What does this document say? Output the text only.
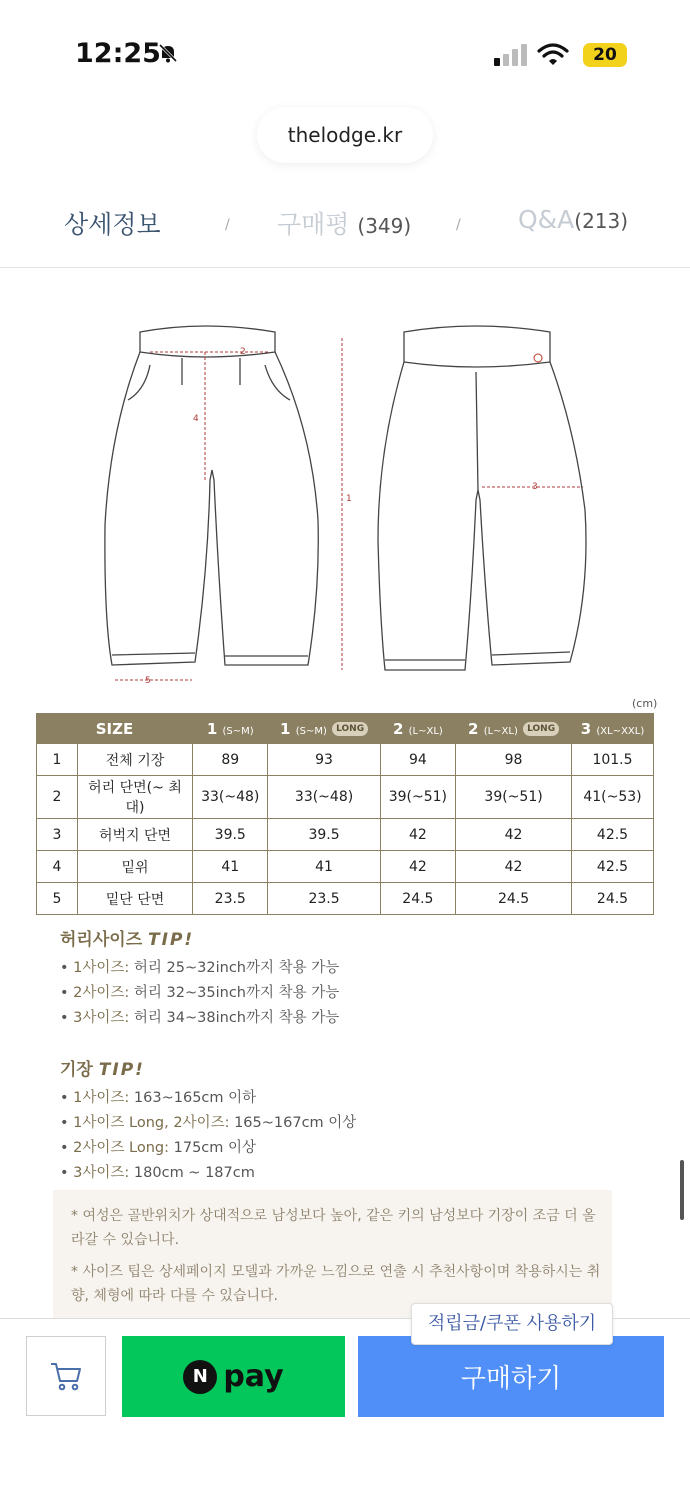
12:25	20
thelodge.kr
상세정보	/ 구매평 (349)	/ Q&A(213)
2
4
1
3
5
(cm)
SIZE		1 (S~M)	1 (S~M) LONG	2 (L~XL)	2 (L~XL) LONG	3 (XL~XXL)
1	전체 기장	89	93	94	98	101.5
2	허리 단면(~ 최대)	33(~48)	33(~48)	39(~51)	39(~51)	41(~53)
3	허벅지 단면	39.5	39.5	42	42	42.5
4	밑위	41	41	42	42	42.5
5	밑단 단면	23.5	23.5	24.5	24.5	24.5
허리사이즈 TIP!
• 1사이즈: 허리 25~32inch까지 착용 가능
• 2사이즈: 허리 32~35inch까지 착용 가능
• 3사이즈: 허리 34~38inch까지 착용 가능
기장 TIP!
• 1사이즈: 163~165cm 이하
• 1사이즈 Long, 2사이즈: 165~167cm 이상
• 2사이즈 Long: 175cm 이상
• 3사이즈: 180cm ~ 187cm
* 여성은 골반위치가 상대적으로 남성보다 높아, 같은 키의 남성보다 기장이 조금 더 올라갈 수 있습니다.
* 사이즈 팁은 상세페이지 모델과 가까운 느낌으로 연출 시 추천사항이며 착용하시는 취향, 체형에 따라 다를 수 있습니다.
N pay	구매하기
적립금/쿠폰 사용하기
